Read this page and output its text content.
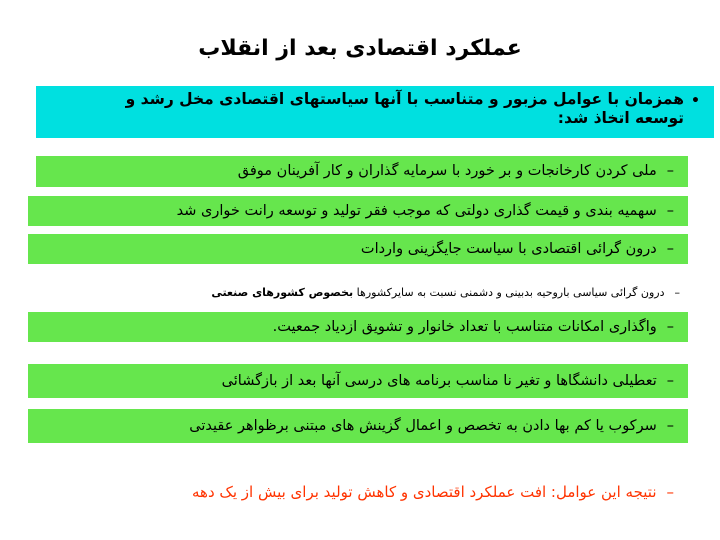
عملکرد اقتصادی بعد از انقلاب
•
همزمان با عوامل مزبور و متناسب با آنها سیاستهای اقتصادی مخل رشد و توسعه اتخاذ شد:
–ملی کردن کارخانجات و بر خورد با سرمایه گذاران و کار آفرینان موفق
–سهمیه بندی و قیمت گذاری دولتی که موجب فقر تولید و توسعه رانت خواری شد
–درون گرائی اقتصادی با سیاست جایگزینی واردات
–درون گرائی سیاسی باروحیه بدبینی و دشمنی نسبت به سایرکشورها بخصوص کشورهای صنعتی
–واگذاری امکانات متناسب با تعداد خانوار و تشویق ازدیاد جمعیت.
–تعطیلی دانشگاها و تغیر نا مناسب برنامه های درسی آنها بعد از بازگشائی
–سرکوب یا کم بها دادن به تخصص و اعمال گزینش های مبتنی برظواهر عقیدتی
–نتیجه این عوامل: افت عملکرد اقتصادی و کاهش تولید برای بیش از یک دهه
